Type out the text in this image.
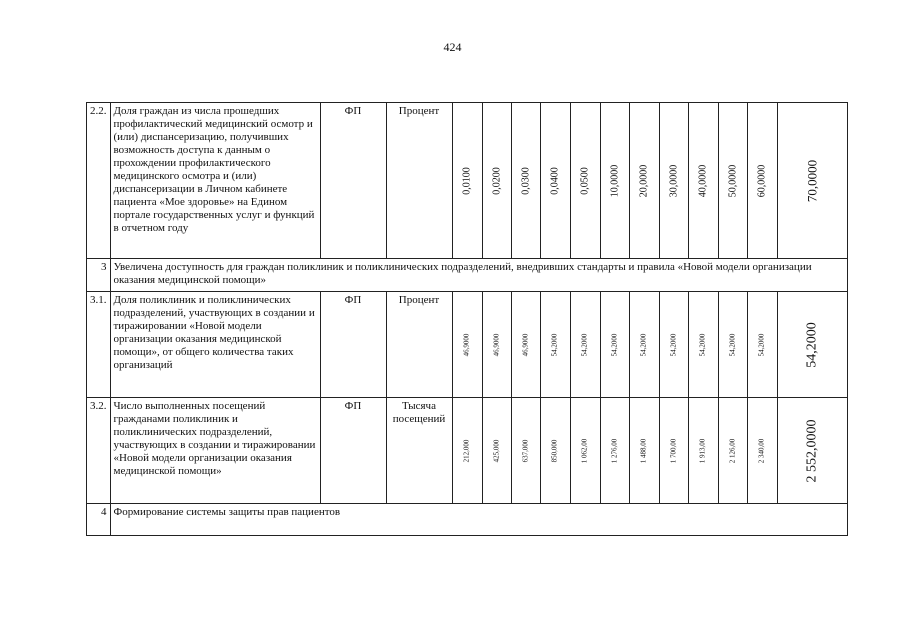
424
2.2.	Доля граждан из числа прошедших профилактический медицинский осмотр и (или) диспансеризацию, получивших возможность доступа к данным о прохождении профилактического медицинского осмотра и (или) диспансеризации в Личном кабинете пациента «Мое здоровье» на Едином портале государственных услуг и функций в отчетном году	ФП	Процент	0,0100	0,0200	0,0300	0,0400	0,0500	10,0000	20,0000	30,0000	40,0000	50,0000	60,0000	70,0000

3	Увеличена доступность для граждан поликлиник и поликлинических подразделений, внедривших стандарты и правила «Новой модели организации оказания медицинской помощи»														
3.1.	Доля поликлиник и поликлинических подразделений, участвующих в создании и тиражировании «Новой модели организации оказания медицинской помощи», от общего количества таких организаций	ФП	Процент	46,9000	46,9000	46,9000	54,2000	54,2000	54,2000	54,2000	54,2000	54,2000	54,2000	54,2000	54,2000

3.2.	Число выполненных посещений гражданами поликлиник и поликлинических подразделений, участвующих в создании и тиражировании «Новой модели организации оказания медицинской помощи»	ФП	Тысяча посещений	212,000	425,000	637,000	850,000	1 062,00	1 276,00	1 488,00	1 700,00	1 913,00	2 126,00	2 340,00	2 552,0000

4	Формирование системы защиты прав пациентов														
